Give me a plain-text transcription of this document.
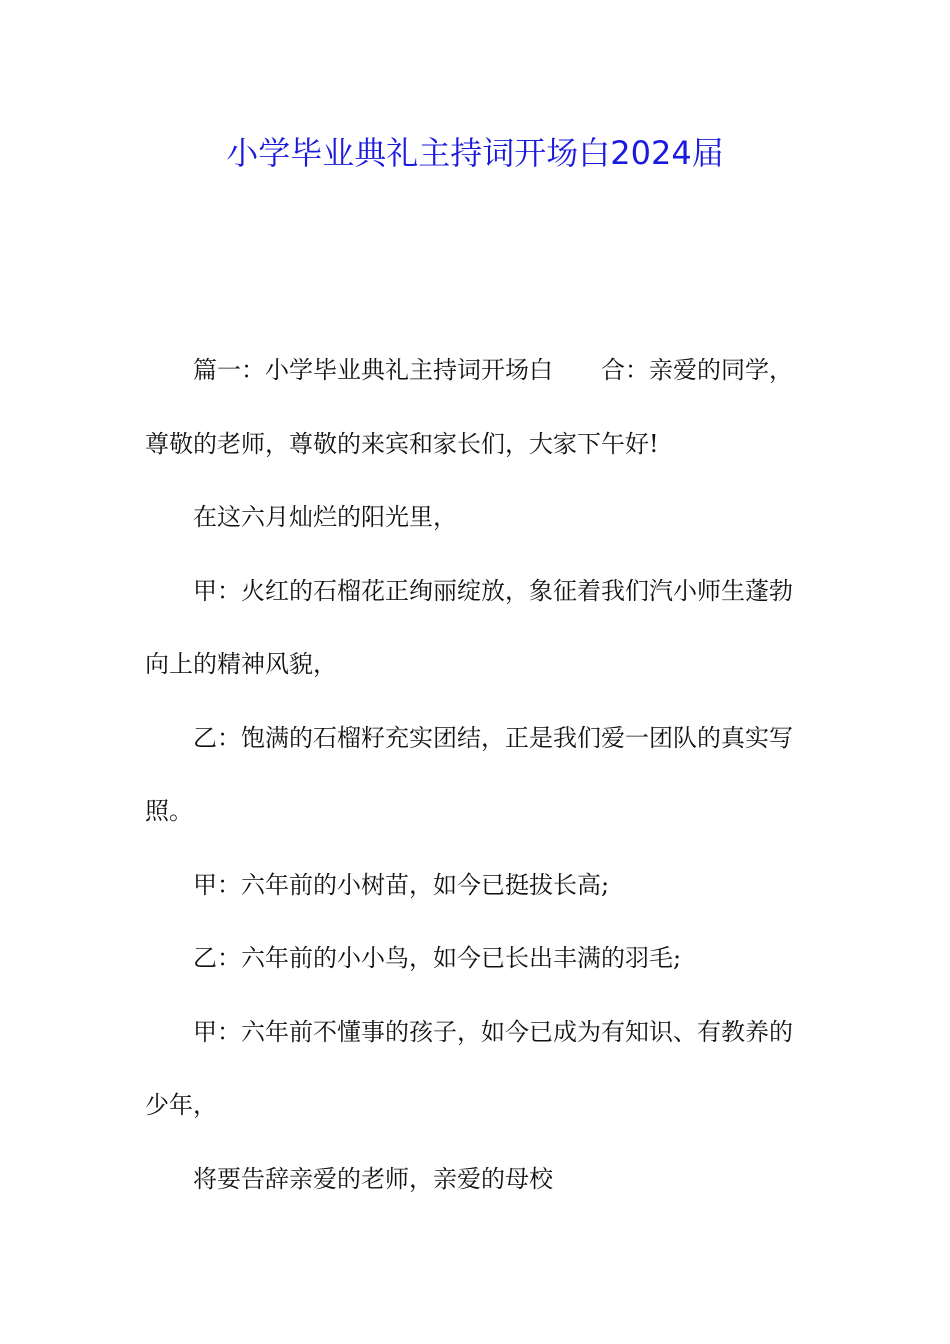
小学毕业典礼主持词开场白2024届

篇一：小学毕业典礼主持词开场白　　合：亲爱的同学，尊敬的老师，尊敬的来宾和家长们，大家下午好!

在这六月灿烂的阳光里，

甲：火红的石榴花正绚丽绽放，象征着我们汽小师生蓬勃向上的精神风貌，

乙：饱满的石榴籽充实团结，正是我们爱一团队的真实写照。

甲：六年前的小树苗，如今已挺拔长高;

乙：六年前的小小鸟，如今已长出丰满的羽毛;

甲：六年前不懂事的孩子，如今已成为有知识、有教养的少年，

将要告辞亲爱的老师，亲爱的母校
